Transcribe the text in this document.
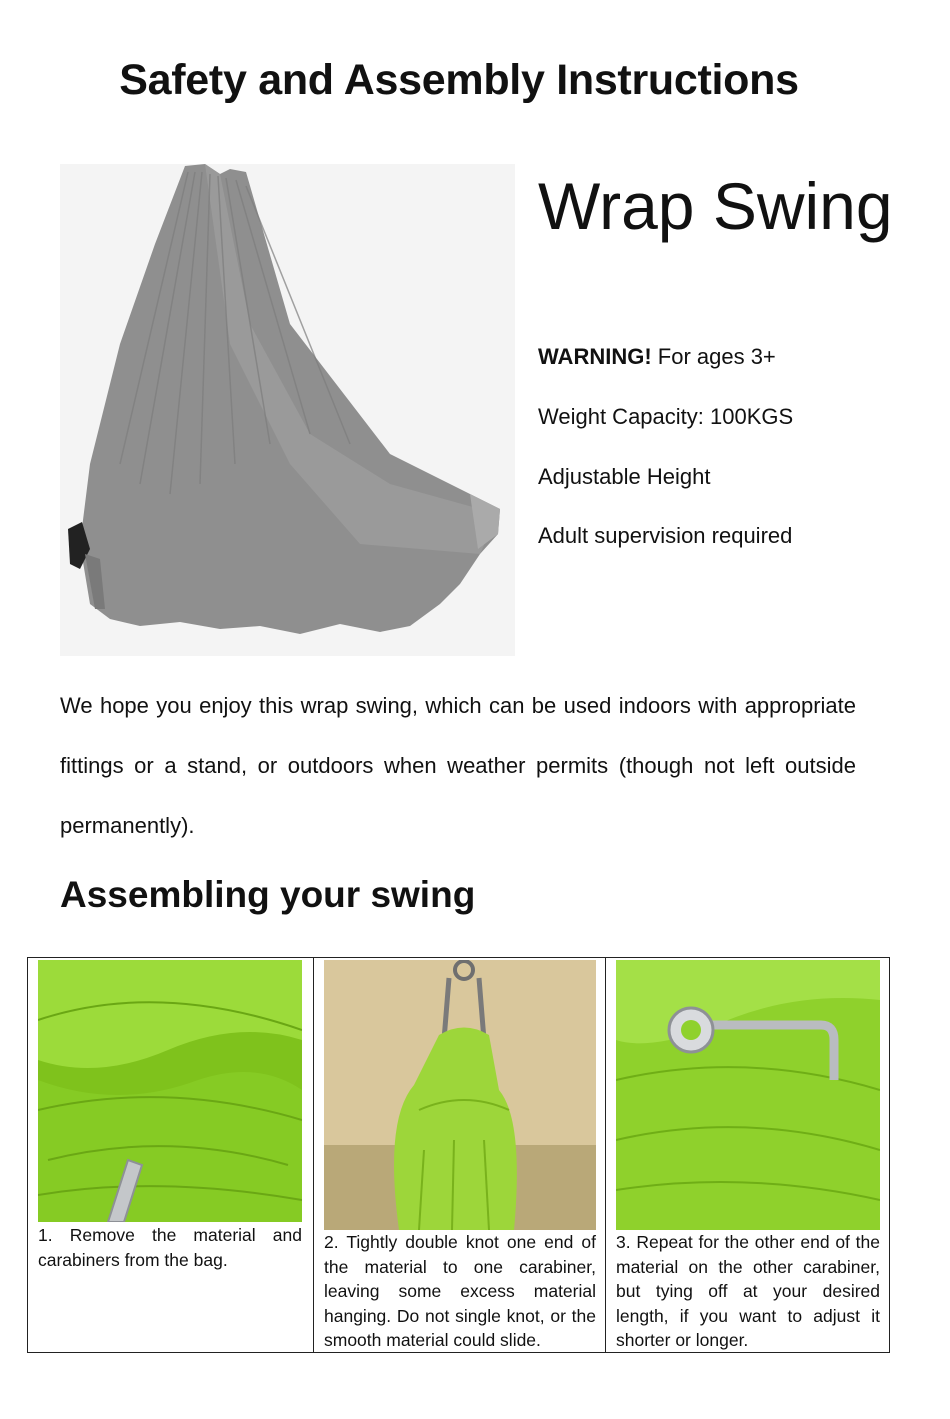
Safety and Assembly Instructions
Wrap Swing
WARNING! For ages 3+
Weight Capacity: 100KGS
Adjustable Height
Adult supervision required
We hope you enjoy this wrap swing, which can be used indoors with appropriate fittings or a stand, or outdoors when weather permits (though not left outside permanently).
Assembling your swing
1. Remove the material and carabiners from the bag.
2. Tightly double knot one end of the material to one carabiner, leaving some excess material hanging. Do not single knot, or the smooth material could slide.
3. Repeat for the other end of the material on the other carabiner, but tying off at your desired length, if you want to adjust it shorter or longer.
